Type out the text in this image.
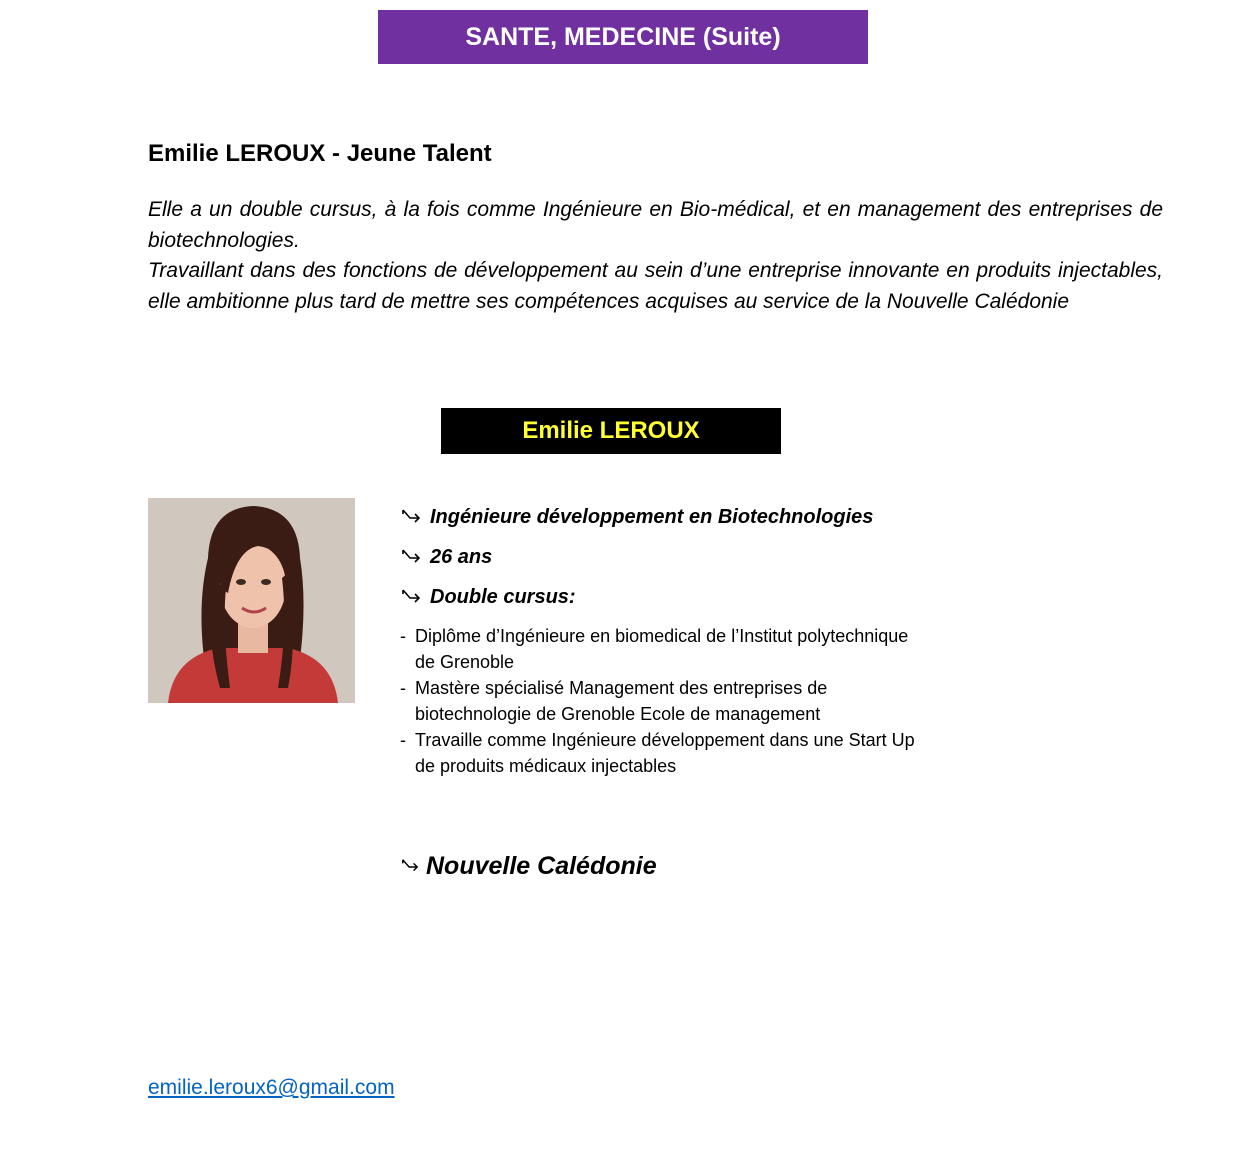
SANTE, MEDECINE (Suite)
Emilie LEROUX - Jeune Talent

Elle a un double cursus, à la fois comme Ingénieure en Bio-médical, et en management des entreprises de biotechnologies.

Travaillant dans des fonctions de développement au sein d’une entreprise innovante en produits injectables, elle ambitionne plus tard de mettre ses compétences acquises au service de la Nouvelle Calédonie

Emilie LEROUX
Ingénieure développement en Biotechnologies
26 ans
Double cursus:
- Diplôme d’Ingénieure en biomedical de l’Institut polytechnique de Grenoble
- Mastère spécialisé Management des entreprises de biotechnologie de Grenoble Ecole de management
- Travaille comme Ingénieure développement dans une Start Up de produits médicaux injectables
Nouvelle Calédonie
emilie.leroux6@gmail.com
